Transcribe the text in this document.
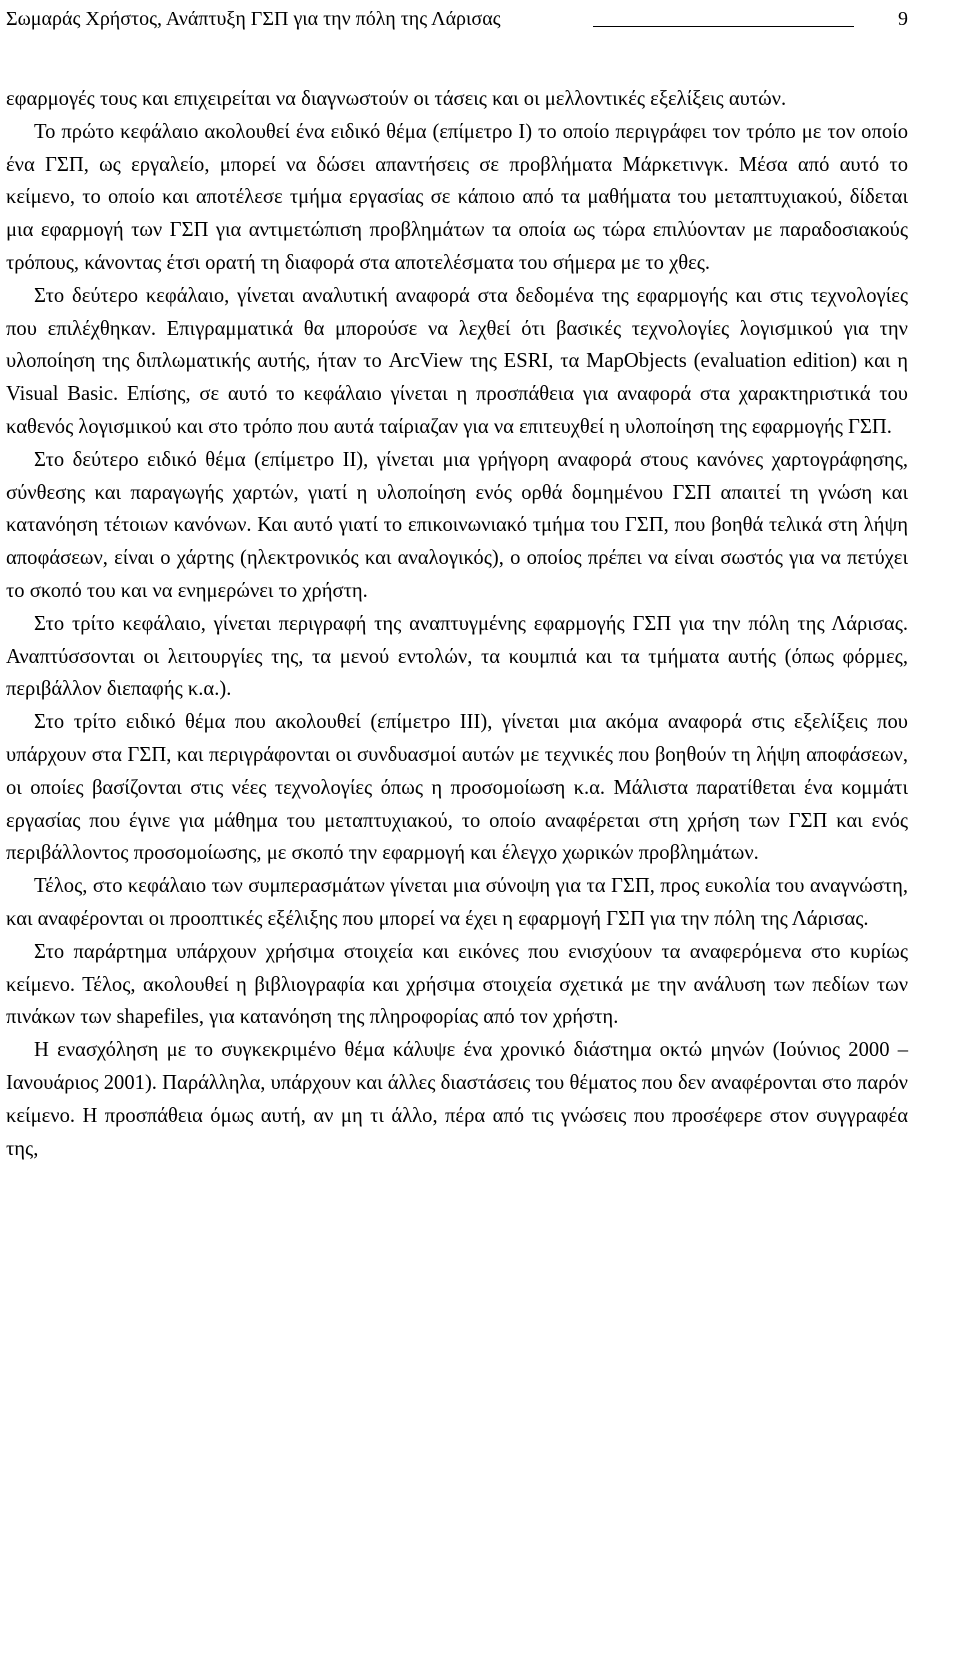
Σωμαράς Χρήστος, Ανάπτυξη ΓΣΠ για την πόλη της Λάρισας	9

εφαρμογές τους και επιχειρείται να διαγνωστούν οι τάσεις και οι μελλοντικές εξελίξεις αυτών.

Το πρώτο κεφάλαιο ακολουθεί ένα ειδικό θέμα (επίμετρο Ι) το οποίο περιγράφει τον τρόπο με τον οποίο ένα ΓΣΠ, ως εργαλείο, μπορεί να δώσει απαντήσεις σε προβλήματα Μάρκετινγκ. Μέσα από αυτό το κείμενο, το οποίο και αποτέλεσε τμήμα εργασίας σε κάποιο από τα μαθήματα του μεταπτυχιακού, δίδεται μια εφαρμογή των ΓΣΠ για αντιμετώπιση προβλημάτων τα οποία ως τώρα επιλύονταν με παραδοσιακούς τρόπους, κάνοντας έτσι ορατή τη διαφορά στα αποτελέσματα του σήμερα με το χθες.

Στο δεύτερο κεφάλαιο, γίνεται αναλυτική αναφορά στα δεδομένα της εφαρμογής και στις τεχνολογίες που επιλέχθηκαν. Επιγραμματικά θα μπορούσε να λεχθεί ότι βασικές τεχνολογίες λογισμικού για την υλοποίηση της διπλωματικής αυτής, ήταν το ArcView της ESRI, τα MapObjects (evaluation edition) και η Visual Basic. Επίσης, σε αυτό το κεφάλαιο γίνεται η προσπάθεια για αναφορά στα χαρακτηριστικά του καθενός λογισμικού και στο τρόπο που αυτά ταίριαζαν για να επιτευχθεί η υλοποίηση της εφαρμογής ΓΣΠ.

Στο δεύτερο ειδικό θέμα (επίμετρο ΙΙ), γίνεται μια γρήγορη αναφορά στους κανόνες χαρτογράφησης, σύνθεσης και παραγωγής χαρτών, γιατί η υλοποίηση ενός ορθά δομημένου ΓΣΠ απαιτεί τη γνώση και κατανόηση τέτοιων κανόνων. Και αυτό γιατί το επικοινωνιακό τμήμα του ΓΣΠ, που βοηθά τελικά στη λήψη αποφάσεων, είναι ο χάρτης (ηλεκτρονικός και αναλογικός), ο οποίος πρέπει να είναι σωστός για να πετύχει το σκοπό του και να ενημερώνει το χρήστη.

Στο τρίτο κεφάλαιο, γίνεται περιγραφή της αναπτυγμένης εφαρμογής ΓΣΠ για την πόλη της Λάρισας. Αναπτύσσονται οι λειτουργίες της, τα μενού εντολών, τα κουμπιά και τα τμήματα αυτής (όπως φόρμες, περιβάλλον διεπαφής κ.α.).

Στο τρίτο ειδικό θέμα που ακολουθεί (επίμετρο ΙΙΙ), γίνεται μια ακόμα αναφορά στις εξελίξεις που υπάρχουν στα ΓΣΠ, και περιγράφονται οι συνδυασμοί αυτών με τεχνικές που βοηθούν τη λήψη αποφάσεων, οι οποίες βασίζονται στις νέες τεχνολογίες όπως η προσομοίωση κ.α. Μάλιστα παρατίθεται ένα κομμάτι εργασίας που έγινε για μάθημα του μεταπτυχιακού, το οποίο αναφέρεται στη χρήση των ΓΣΠ και ενός περιβάλλοντος προσομοίωσης, με σκοπό την εφαρμογή και έλεγχο χωρικών προβλημάτων.

Τέλος, στο κεφάλαιο των συμπερασμάτων γίνεται μια σύνοψη για τα ΓΣΠ, προς ευκολία του αναγνώστη, και αναφέρονται οι προοπτικές εξέλιξης που μπορεί να έχει η εφαρμογή ΓΣΠ για την πόλη της Λάρισας.

Στο παράρτημα υπάρχουν χρήσιμα στοιχεία και εικόνες που ενισχύουν τα αναφερόμενα στο κυρίως κείμενο. Τέλος, ακολουθεί η βιβλιογραφία και χρήσιμα στοιχεία σχετικά με την ανάλυση των πεδίων των πινάκων των shapefiles, για κατανόηση της πληροφορίας από τον χρήστη.

Η ενασχόληση με το συγκεκριμένο θέμα κάλυψε ένα χρονικό διάστημα οκτώ μηνών (Ιούνιος 2000 – Ιανουάριος 2001). Παράλληλα, υπάρχουν και άλλες διαστάσεις του θέματος που δεν αναφέρονται στο παρόν κείμενο. Η προσπάθεια όμως αυτή, αν μη τι άλλο, πέρα από τις γνώσεις που προσέφερε στον συγγραφέα της,
